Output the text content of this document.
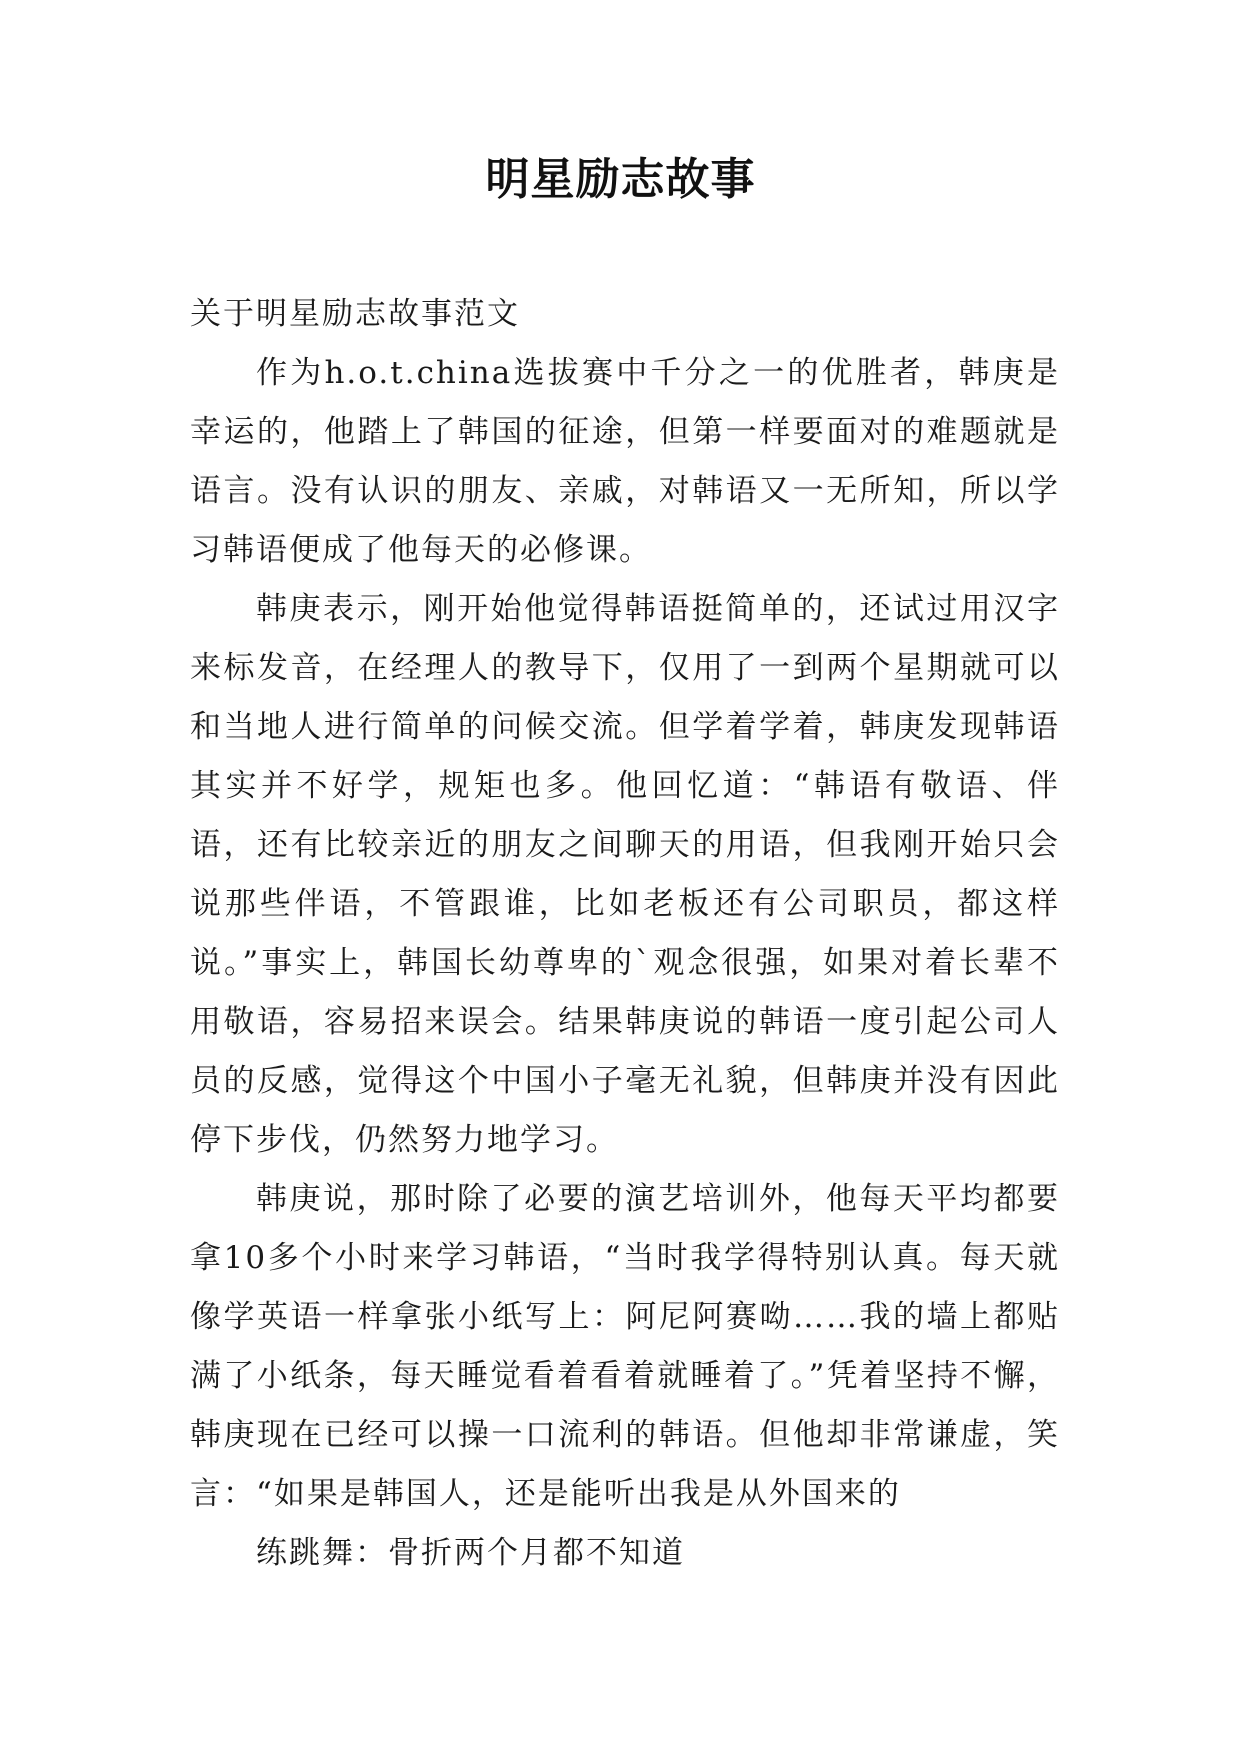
明星励志故事

关于明星励志故事范文

作为h.o.t.china选拔赛中千分之一的优胜者，韩庚是幸运的，他踏上了韩国的征途，但第一样要面对的难题就是语言。没有认识的朋友、亲戚，对韩语又一无所知，所以学习韩语便成了他每天的必修课。

韩庚表示，刚开始他觉得韩语挺简单的，还试过用汉字来标发音，在经理人的教导下，仅用了一到两个星期就可以和当地人进行简单的问候交流。但学着学着，韩庚发现韩语其实并不好学，规矩也多。他回忆道：“韩语有敬语、伴语，还有比较亲近的朋友之间聊天的用语，但我刚开始只会说那些伴语，不管跟谁，比如老板还有公司职员，都这样说。”事实上，韩国长幼尊卑的`观念很强，如果对着长辈不用敬语，容易招来误会。结果韩庚说的韩语一度引起公司人员的反感，觉得这个中国小子毫无礼貌，但韩庚并没有因此停下步伐，仍然努力地学习。

韩庚说，那时除了必要的演艺培训外，他每天平均都要拿10多个小时来学习韩语，“当时我学得特别认真。每天就像学英语一样拿张小纸写上：阿尼阿赛呦……我的墙上都贴满了小纸条，每天睡觉看着看着就睡着了。”凭着坚持不懈，韩庚现在已经可以操一口流利的韩语。但他却非常谦虚，笑言：“如果是韩国人，还是能听出我是从外国来的

练跳舞：骨折两个月都不知道
